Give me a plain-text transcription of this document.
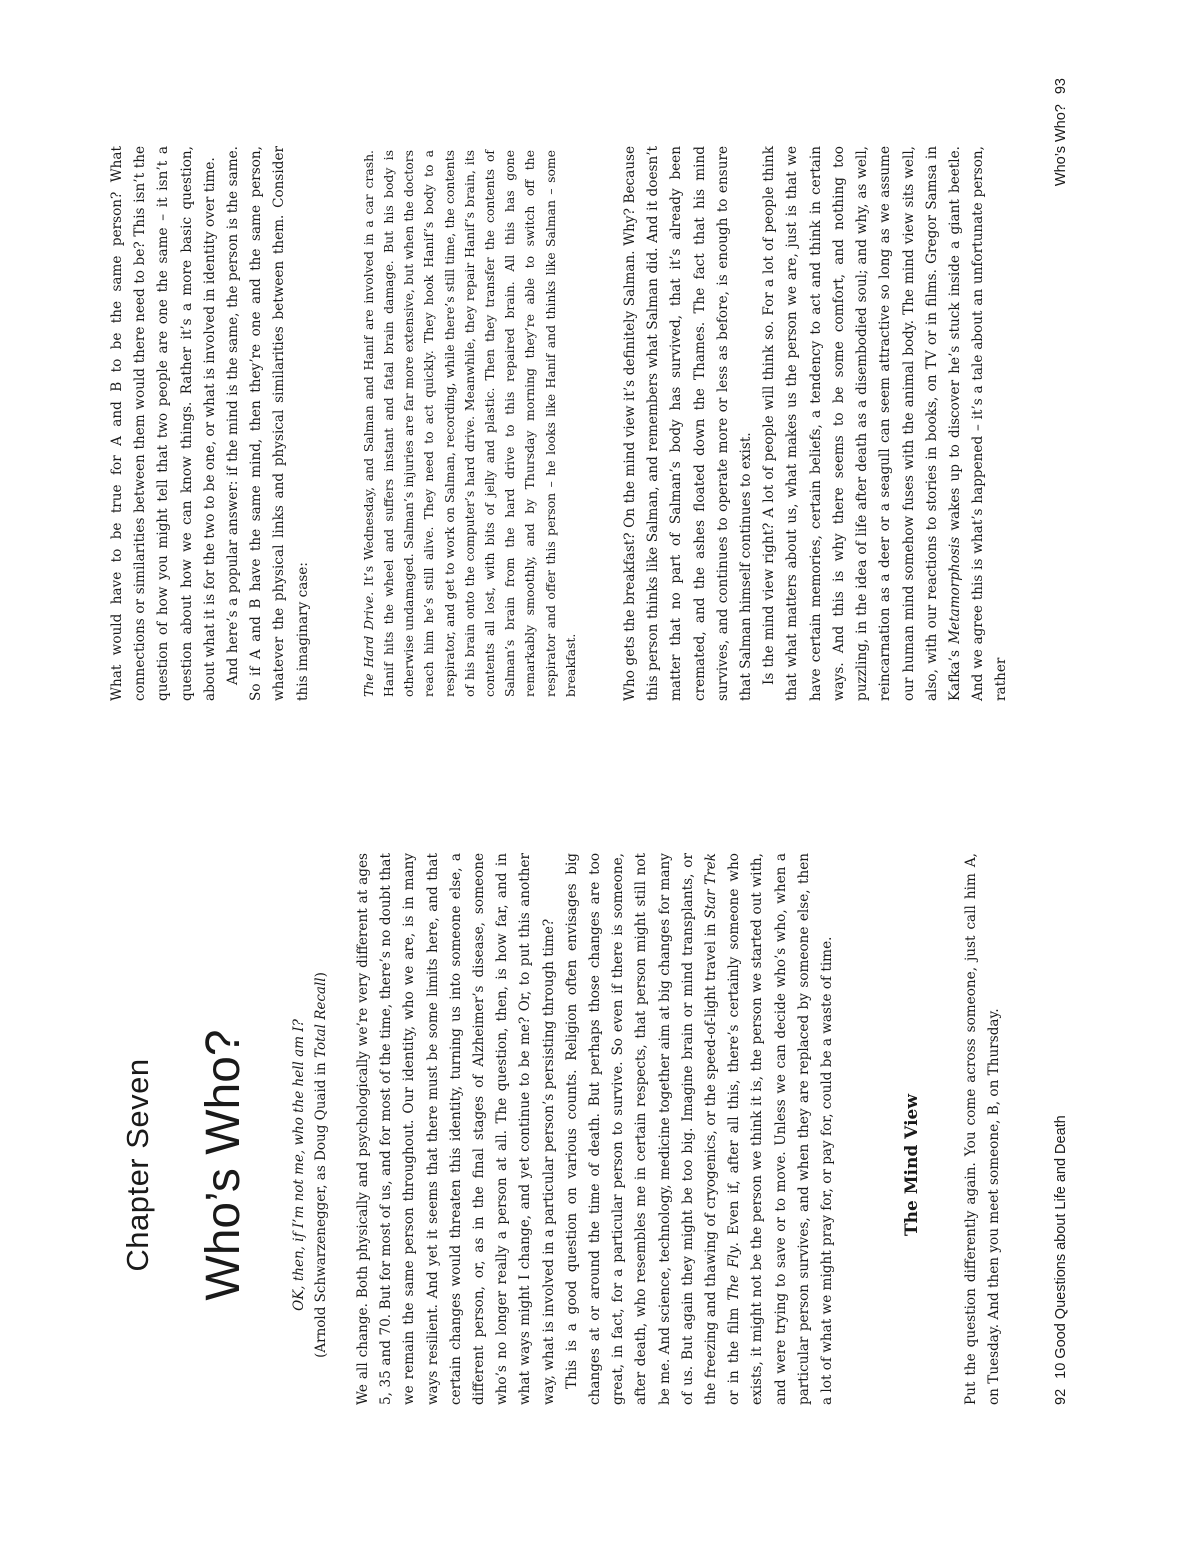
Chapter Seven Who’s Who?	OK, then, if I’m not me, who the hell am I? (Arnold Schwarzenegger, as Doug Quaid in Total Recall) We all change. Both physically and psychologically we’re very different at ages 5, 35 and 70. But for most of us, and for most of the time, there’s no doubt that we remain the same person throughout. Our identity, who we are, is in many ways resilient. And yet it seems that there must be some limits here, and that certain changes would threaten this identity, turning us into someone else, a different person, or, as in the final stages of Alzheimer’s disease, someone who’s no longer really a person at all. The question, then, is how far, and in what ways might I change, and yet continue to be me? Or, to put this another way, what is involved in a particular person’s persisting through time? This is a good question on various counts. Religion often envisages big changes at or around the time of death. But perhaps those changes are too great, in fact, for a particular person to survive. So even if there is someone, after death, who resembles me in certain respects, that person might still not be me. And science, technology, medicine together aim at big changes for many of us. But again they might be too big. Imagine brain or mind transplants, or the freezing and thawing of cryogenics, or the speed-of-light travel in Star Trek or in the film The Fly. Even if, after all this, there’s certainly someone who exists, it might not be the person we think it is, the person we started out with, and were trying to save or to move. Unless we can decide who’s who, when a particular person survives, and when they are replaced by someone else, then a lot of what we might pray for, or pay for, could be a waste of time.	The Mind View	Put the question differently again. You come across someone, just call him A, on Tuesday. And then you meet someone, B, on Thursday.	9210 Good Questions about Life and Death

What would have to be true for A and B to be the same person? What connections or similarities between them would there need to be? This isn’t the question of how you might tell that two people are one the same – it isn’t a question about how we can know things. Rather it’s a more basic question, about what it is for the two to be one, or what is involved in identity over time. And here’s a popular answer: if the mind is the same, the person is the same. So if A and B have the same mind, then they’re one and the same person, whatever the physical links and physical similarities between them. Consider this imaginary case:	The Hard Drive. It’s Wednesday, and Salman and Hanif are involved in a car crash. Hanif hits the wheel and suffers instant and fatal brain damage. But his body is otherwise undamaged. Salman’s injuries are far more extensive, but when the doctors reach him he’s still alive. They need to act quickly. They hook Hanif’s body to a respirator, and get to work on Salman, recording, while there’s still time, the contents of his brain onto the computer’s hard drive. Meanwhile, they repair Hanif’s brain, its contents all lost, with bits of jelly and plastic. Then they transfer the contents of Salman’s brain from the hard drive to this repaired brain. All this has gone remarkably smoothly, and by Thursday morning they’re able to switch off the respirator and offer this person – he looks like Hanif and thinks like Salman – some breakfast.	Who gets the breakfast? On the mind view it’s definitely Salman. Why? Because this person thinks like Salman, and remembers what Salman did. And it doesn’t matter that no part of Salman’s body has survived, that it’s already been cremated, and the ashes floated down the Thames. The fact that his mind survives, and continues to operate more or less as before, is enough to ensure that Salman himself continues to exist. Is the mind view right? A lot of people will think so. For a lot of people think that what matters about us, what makes us the person we are, just is that we have certain memories, certain beliefs, a tendency to act and think in certain ways. And this is why there seems to be some comfort, and nothing too puzzling, in the idea of life after death as a disembodied soul; and why, as well, reincarnation as a deer or a seagull can seem attractive so long as we assume our human mind somehow fuses with the animal body. The mind view sits well, also, with our reactions to stories in books, on TV or in films. Gregor Samsa in Kafka’s Metamorphosis wakes up to discover he’s stuck inside a giant beetle. And we agree this is what’s happened – it’s a tale about an unfortunate person, rather

Who’s Who?93
